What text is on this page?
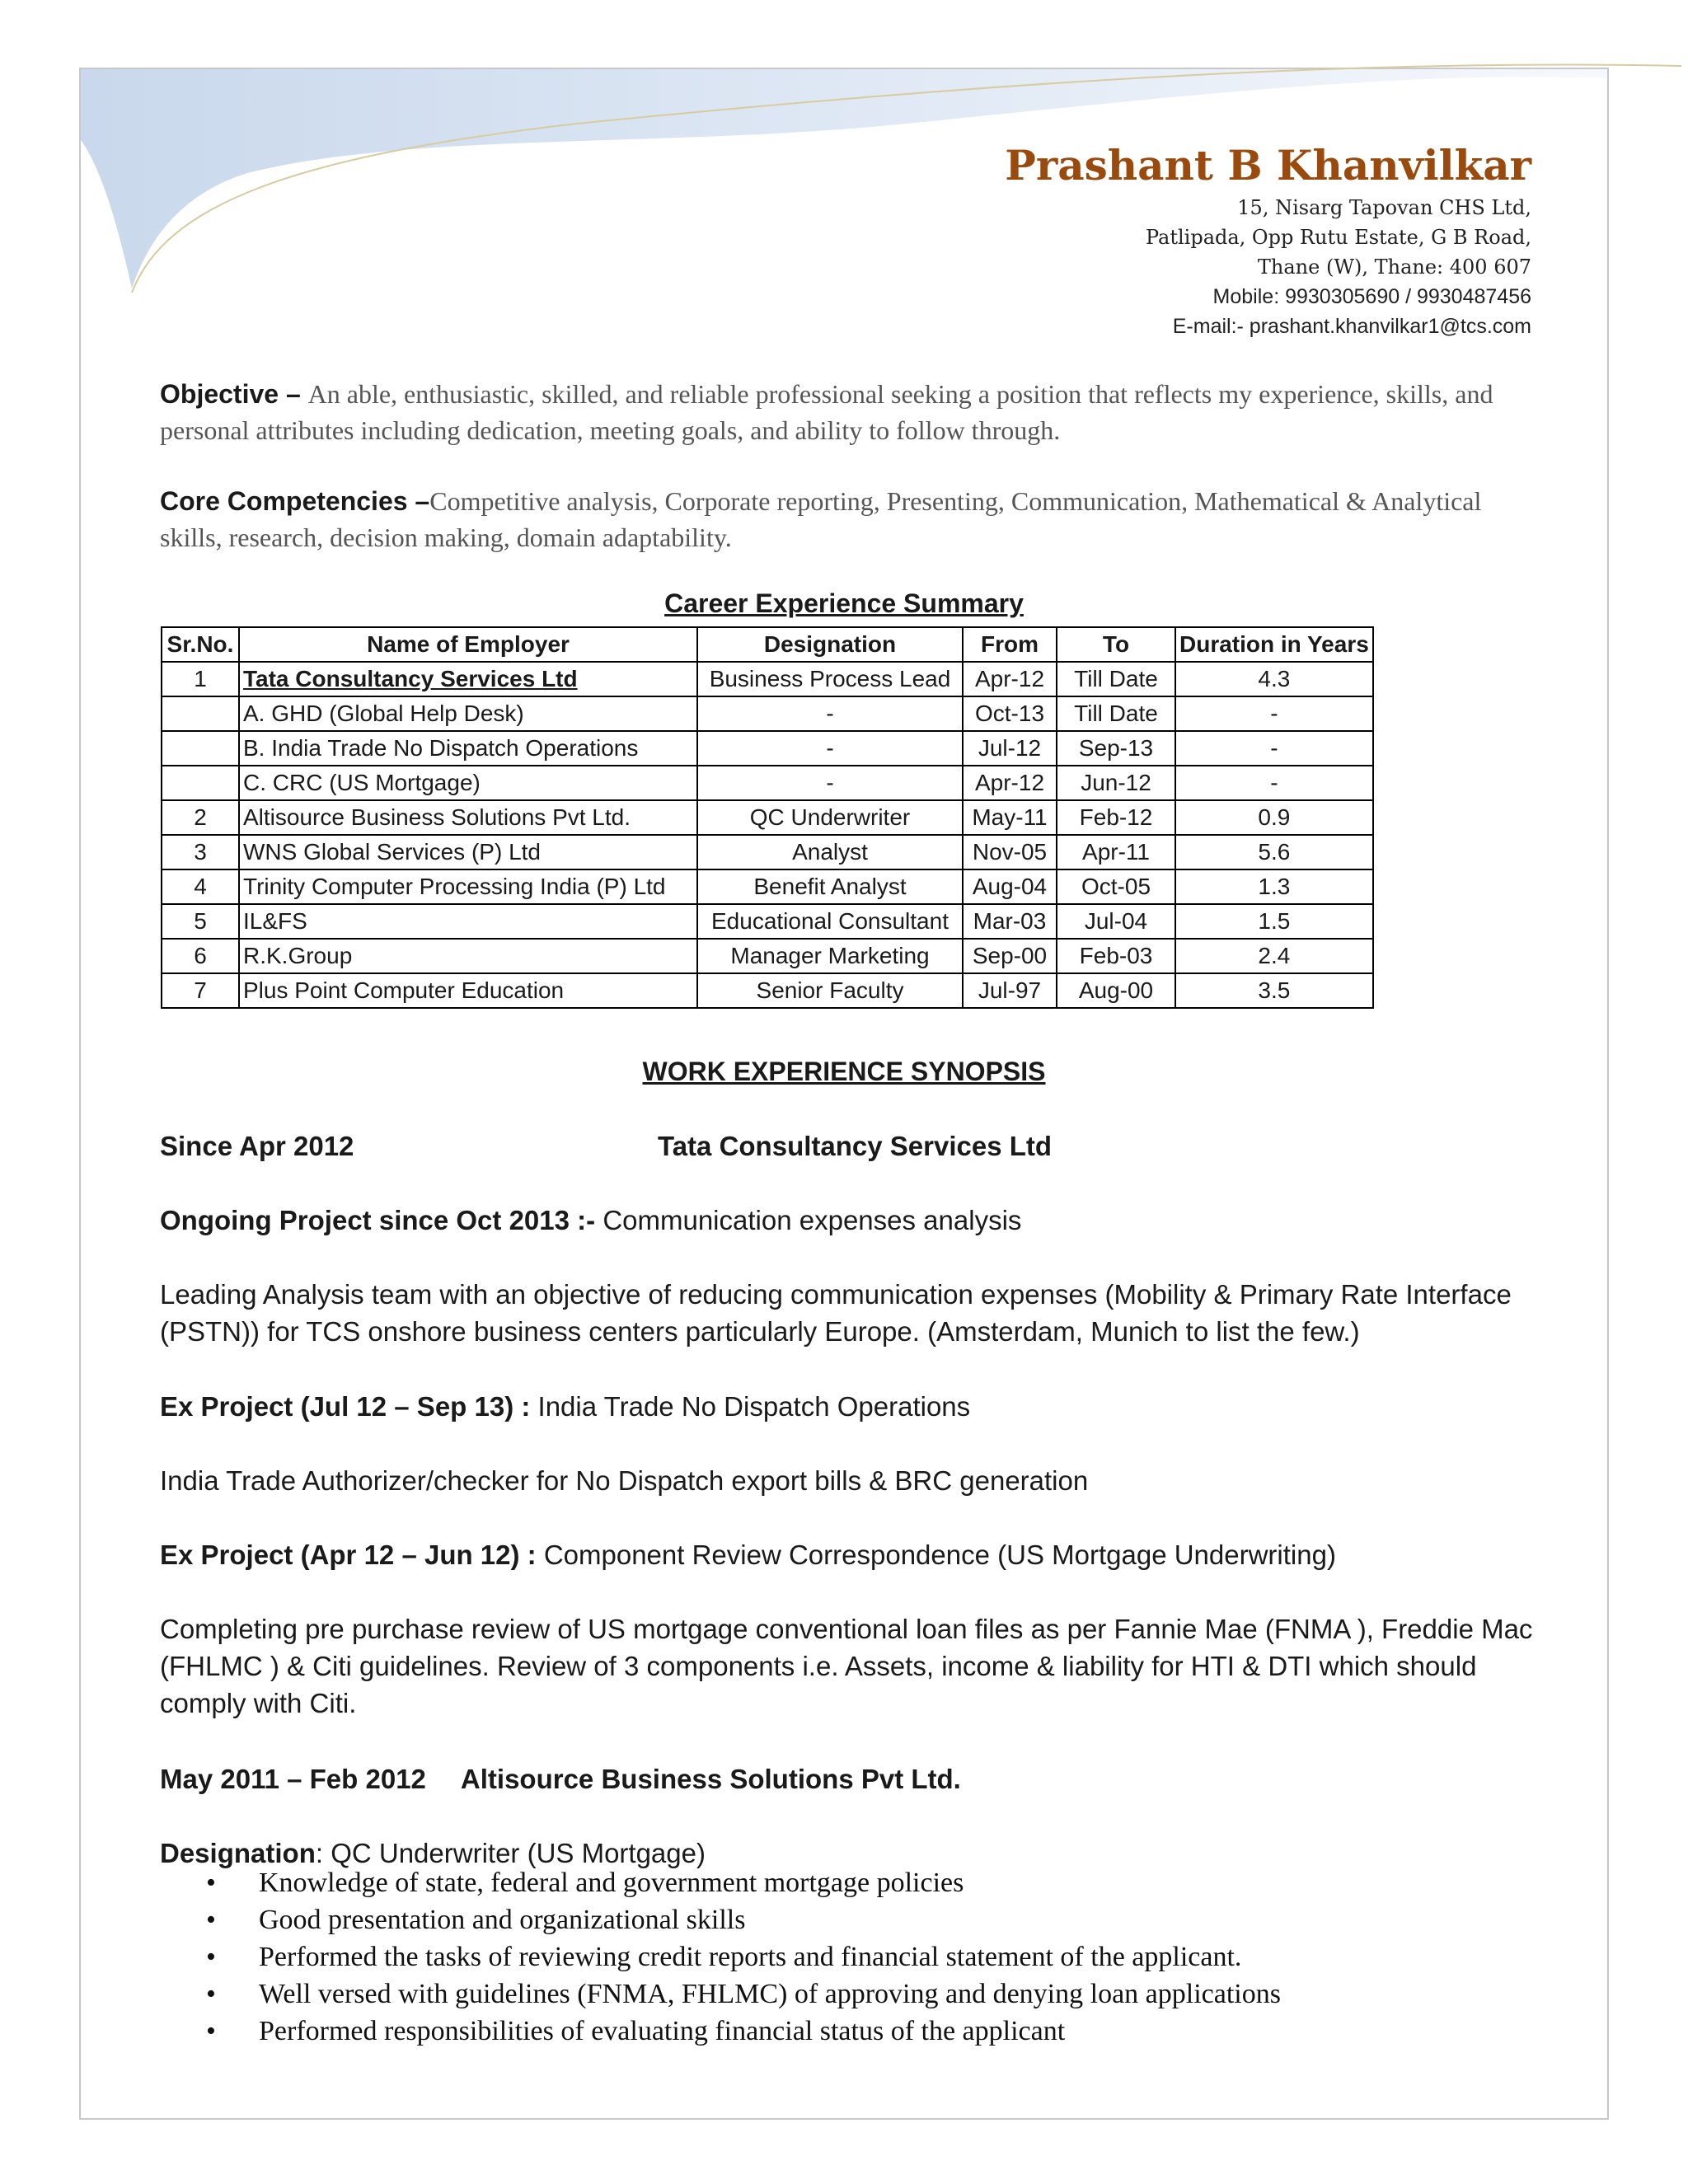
Prashant B Khanvilkar
15, Nisarg Tapovan CHS Ltd,
Patlipada, Opp Rutu Estate, G B Road,
Thane (W), Thane: 400 607
Mobile: 9930305690 / 9930487456
E-mail:- prashant.khanvilkar1@tcs.com
Objective – An able, enthusiastic, skilled, and reliable professional seeking a position that reflects my experience, skills, and personal attributes including dedication, meeting goals, and ability to follow through.
Core Competencies –Competitive analysis, Corporate reporting, Presenting, Communication, Mathematical & Analytical skills, research, decision making, domain adaptability.
Career Experience Summary
Sr.No.	Name of Employer	Designation	From	To	Duration in Years
1	Tata Consultancy Services Ltd	Business Process Lead	Apr-12	Till Date	4.3
	A. GHD (Global Help Desk)	-	Oct-13	Till Date	-
	B. India Trade No Dispatch Operations	-	Jul-12	Sep-13	-
	C. CRC (US Mortgage)	-	Apr-12	Jun-12	-
2	Altisource Business Solutions Pvt Ltd.	QC Underwriter	May-11	Feb-12	0.9
3	WNS Global Services (P) Ltd	Analyst	Nov-05	Apr-11	5.6
4	Trinity Computer Processing India (P) Ltd	Benefit Analyst	Aug-04	Oct-05	1.3
5	IL&FS	Educational Consultant	Mar-03	Jul-04	1.5
6	R.K.Group	Manager Marketing	Sep-00	Feb-03	2.4
7	Plus Point Computer Education	Senior Faculty	Jul-97	Aug-00	3.5
WORK EXPERIENCE SYNOPSIS
Since Apr 2012	Tata Consultancy Services Ltd
Ongoing Project since Oct 2013 :- Communication expenses analysis
Leading Analysis team with an objective of reducing communication expenses (Mobility & Primary Rate Interface (PSTN)) for TCS onshore business centers particularly Europe. (Amsterdam, Munich to list the few.)
Ex Project (Jul 12 – Sep 13) : India Trade No Dispatch Operations
India Trade Authorizer/checker for No Dispatch export bills & BRC generation
Ex Project (Apr 12 – Jun 12) : Component Review Correspondence (US Mortgage Underwriting)
Completing pre purchase review of US mortgage conventional loan files as per Fannie Mae (FNMA ), Freddie Mac (FHLMC ) & Citi guidelines. Review of 3 components i.e. Assets, income & liability for HTI & DTI which should comply with Citi.
May 2011 – Feb 2012 Altisource Business Solutions Pvt Ltd.
Designation: QC Underwriter (US Mortgage)
• Knowledge of state, federal and government mortgage policies
• Good presentation and organizational skills
• Performed the tasks of reviewing credit reports and financial statement of the applicant.
• Well versed with guidelines (FNMA, FHLMC) of approving and denying loan applications
• Performed responsibilities of evaluating financial status of the applicant
